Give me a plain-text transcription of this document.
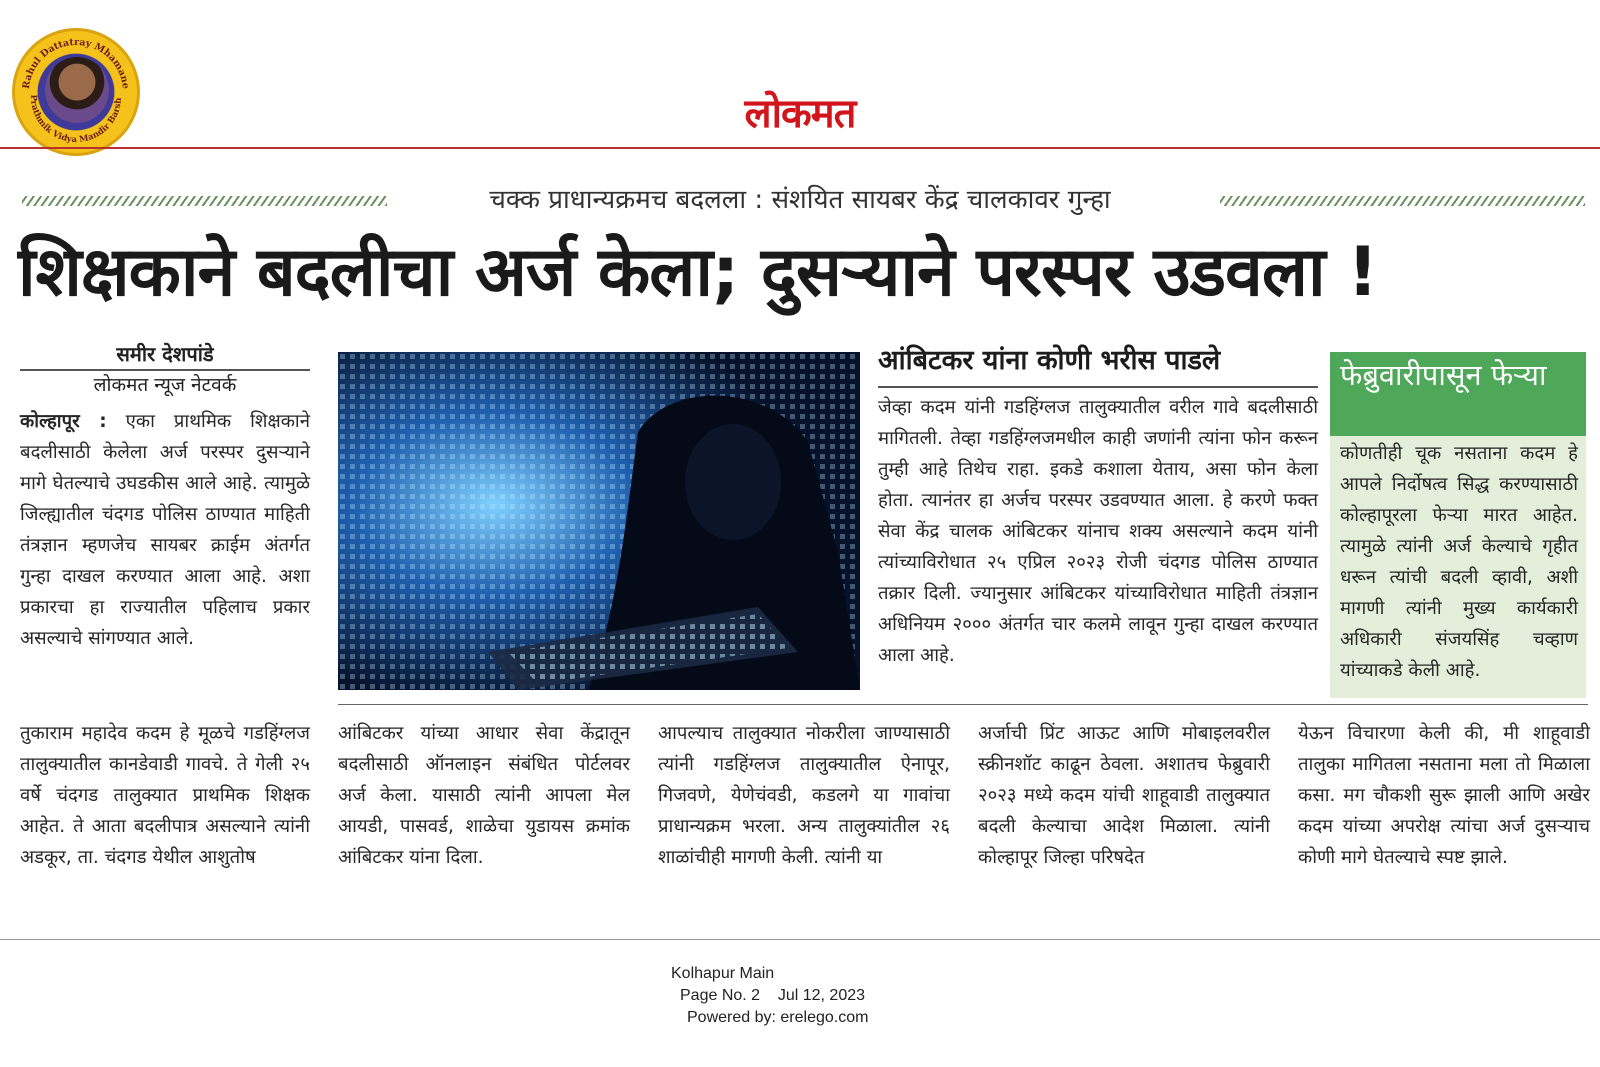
Rahul Dattatray Mhamane
Prathmik Vidya Mandir Barsh	लोकमत
चक्क प्राधान्यक्रमच बदलला : संशयित सायबर केंद्र चालकावर गुन्हा
शिक्षकाने बदलीचा अर्ज केला; दुसऱ्याने परस्पर उडवला !
समीर देशपांडे
लोकमत न्यूज नेटवर्क
कोल्हापूर : एका प्राथमिक शिक्षकाने बदलीसाठी केलेला अर्ज परस्पर दुसऱ्याने मागे घेतल्याचे उघडकीस आले आहे. त्यामुळे जिल्ह्यातील चंदगड पोलिस ठाण्यात माहिती तंत्रज्ञान म्हणजेच सायबर क्राईम अंतर्गत गुन्हा दाखल करण्यात आला आहे. अशा प्रकारचा हा राज्यातील पहिलाच प्रकार असल्याचे सांगण्यात आले.
आंबिटकर यांना कोणी भरीस पाडले
जेव्हा कदम यांनी गडहिंग्लज तालुक्यातील वरील गावे बदलीसाठी मागितली. तेव्हा गडहिंग्लजमधील काही जणांनी त्यांना फोन करून तुम्ही आहे तिथेच राहा. इकडे कशाला येताय, असा फोन केला होता. त्यानंतर हा अर्जच परस्पर उडवण्यात आला. हे करणे फक्त सेवा केंद्र चालक आंबिटकर यांनाच शक्य असल्याने कदम यांनी त्यांच्याविरोधात २५ एप्रिल २०२३ रोजी चंदगड पोलिस ठाण्यात तक्रार दिली. ज्यानुसार आंबिटकर यांच्याविरोधात माहिती तंत्रज्ञान अधिनियम २००० अंतर्गत चार कलमे लावून गुन्हा दाखल करण्यात आला आहे.
फेब्रुवारीपासून फेऱ्या
कोणतीही चूक नसताना कदम हे आपले निर्दोषत्व सिद्ध करण्यासाठी कोल्हापूरला फेऱ्या मारत आहेत. त्यामुळे त्यांनी अर्ज केल्याचे गृहीत धरून त्यांची बदली व्हावी, अशी मागणी त्यांनी मुख्य कार्यकारी अधिकारी संजयसिंह चव्हाण यांच्याकडे केली आहे.
तुकाराम महादेव कदम हे मूळचे गडहिंग्लज तालुक्यातील कानडेवाडी गावचे. ते गेली २५ वर्षे चंदगड तालुक्यात प्राथमिक शिक्षक आहेत. ते आता बदलीपात्र असल्याने त्यांनी अडकूर, ता. चंदगड येथील आशुतोष
आंबिटकर यांच्या आधार सेवा केंद्रातून बदलीसाठी ऑनलाइन संबंधित पोर्टलवर अर्ज केला. यासाठी त्यांनी आपला मेल आयडी, पासवर्ड, शाळेचा युडायस क्रमांक आंबिटकर यांना दिला.
आपल्याच तालुक्यात नोकरीला जाण्यासाठी त्यांनी गडहिंग्लज तालुक्यातील ऐनापूर, गिजवणे, येणेचंवडी, कडलगे या गावांचा प्राधान्यक्रम भरला. अन्य तालुक्यांतील २६ शाळांचीही मागणी केली. त्यांनी या
अर्जाची प्रिंट आऊट आणि मोबाइलवरील स्क्रीनशॉट काढून ठेवला. अशातच फेब्रुवारी २०२३ मध्ये कदम यांची शाहूवाडी तालुक्यात बदली केल्याचा आदेश मिळाला. त्यांनी कोल्हापूर जिल्हा परिषदेत
येऊन विचारणा केली की, मी शाहूवाडी तालुका मागितला नसताना मला तो मिळाला कसा. मग चौकशी सुरू झाली आणि अखेर कदम यांच्या अपरोक्ष त्यांचा अर्ज दुसऱ्याच कोणी मागे घेतल्याचे स्पष्ट झाले.
Kolhapur Main
Page No. 2    Jul 12, 2023
Powered by: erelego.com
